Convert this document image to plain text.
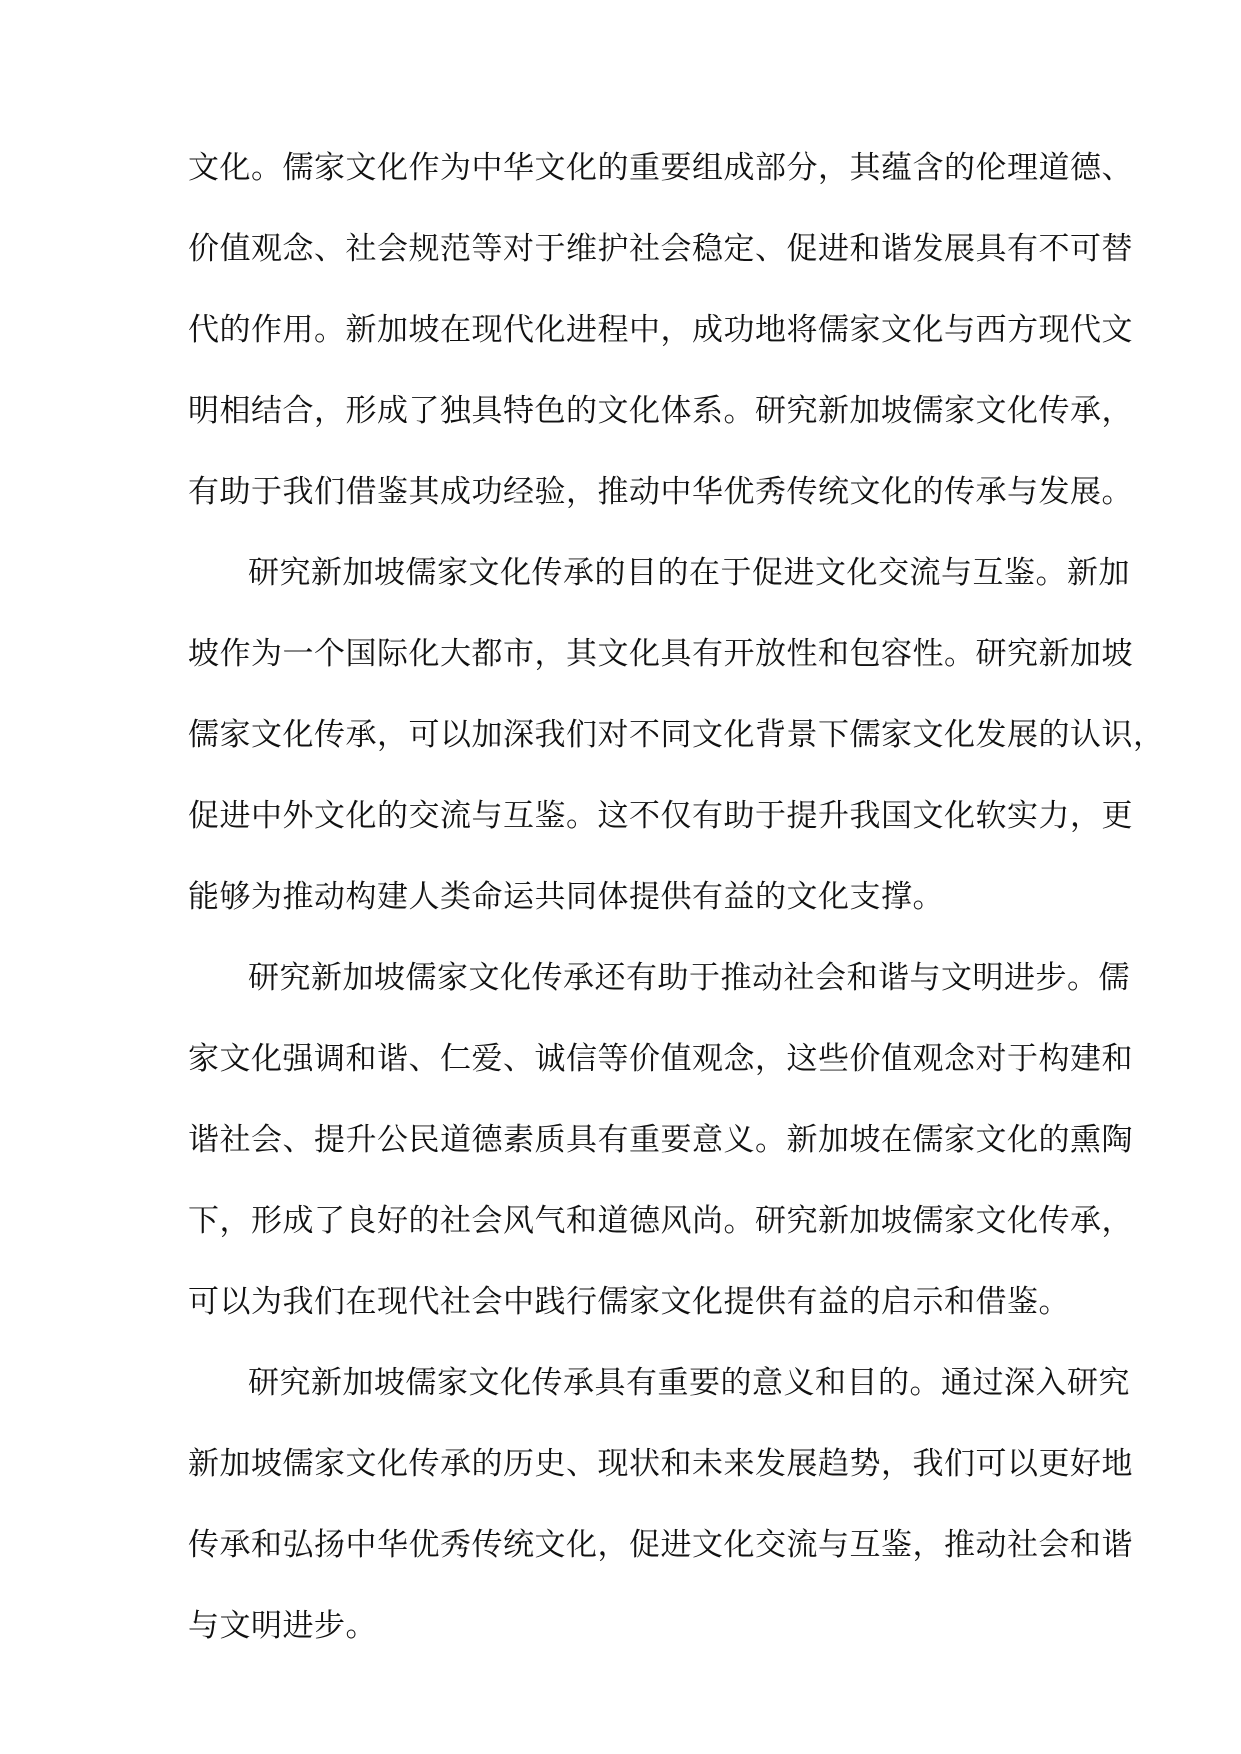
文化。儒家文化作为中华文化的重要组成部分，其蕴含的伦理道德、
价值观念、社会规范等对于维护社会稳定、促进和谐发展具有不可替
代的作用。新加坡在现代化进程中，成功地将儒家文化与西方现代文
明相结合，形成了独具特色的文化体系。研究新加坡儒家文化传承，
有助于我们借鉴其成功经验，推动中华优秀传统文化的传承与发展。
研究新加坡儒家文化传承的目的在于促进文化交流与互鉴。新加
坡作为一个国际化大都市，其文化具有开放性和包容性。研究新加坡
儒家文化传承，可以加深我们对不同文化背景下儒家文化发展的认识，
促进中外文化的交流与互鉴。这不仅有助于提升我国文化软实力，更
能够为推动构建人类命运共同体提供有益的文化支撑。
研究新加坡儒家文化传承还有助于推动社会和谐与文明进步。儒
家文化强调和谐、仁爱、诚信等价值观念，这些价值观念对于构建和
谐社会、提升公民道德素质具有重要意义。新加坡在儒家文化的熏陶
下，形成了良好的社会风气和道德风尚。研究新加坡儒家文化传承，
可以为我们在现代社会中践行儒家文化提供有益的启示和借鉴。
研究新加坡儒家文化传承具有重要的意义和目的。通过深入研究
新加坡儒家文化传承的历史、现状和未来发展趋势，我们可以更好地
传承和弘扬中华优秀传统文化，促进文化交流与互鉴，推动社会和谐
与文明进步。
